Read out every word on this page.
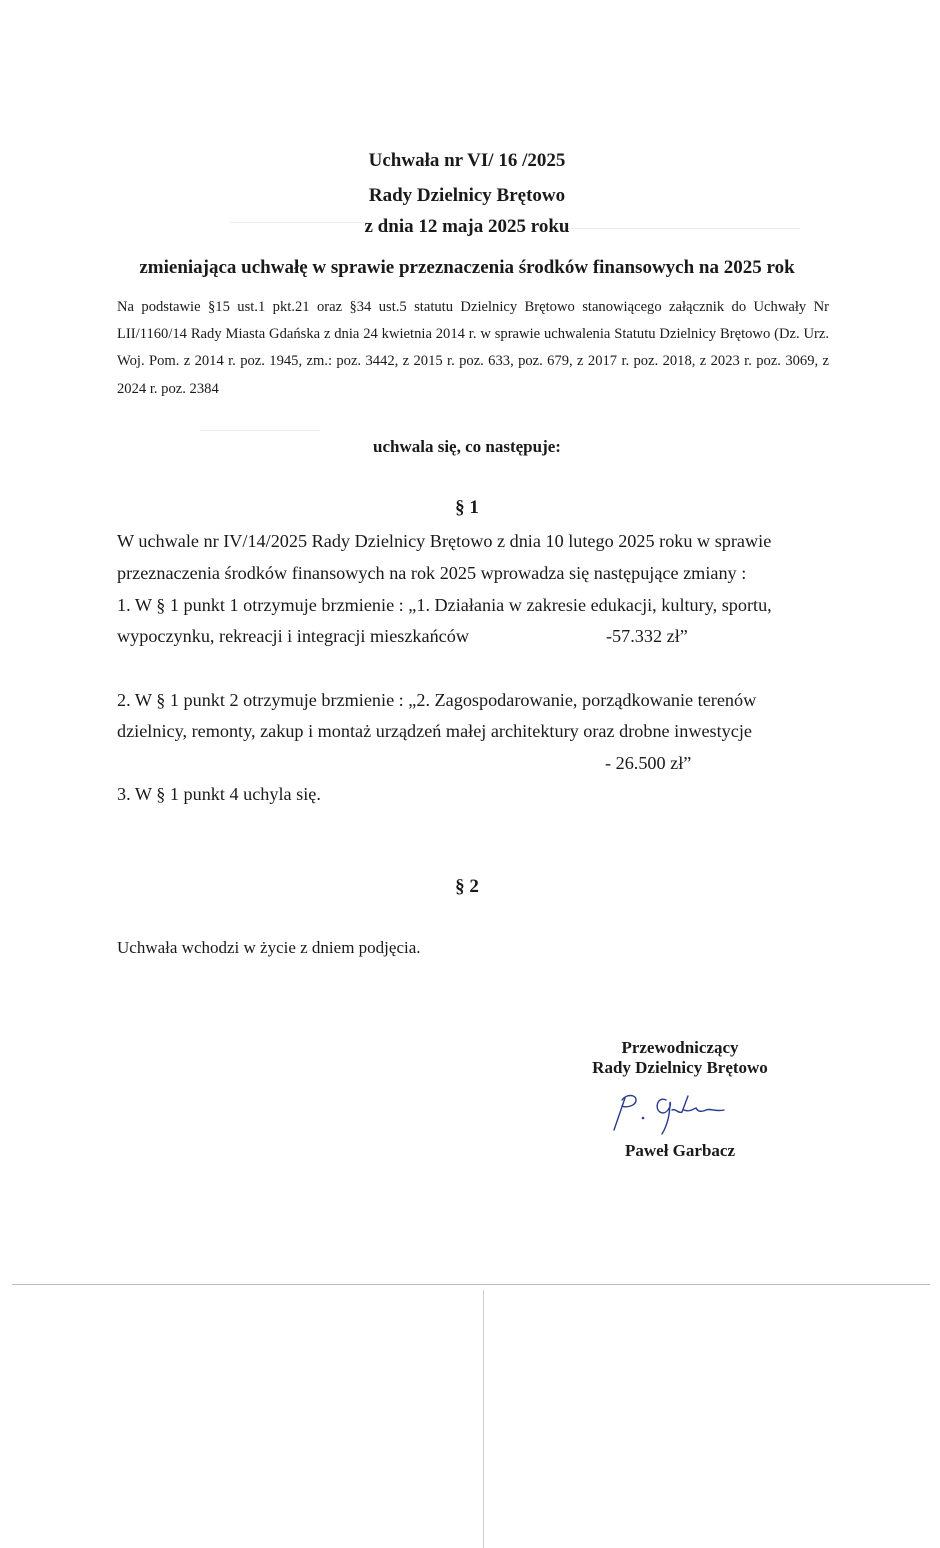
Uchwała nr VI/ 16 /2025
Rady Dzielnicy Brętowo
z dnia 12 maja 2025 roku
zmieniająca uchwałę w sprawie przeznaczenia środków finansowych na 2025 rok
Na podstawie §15 ust.1 pkt.21 oraz §34 ust.5 statutu Dzielnicy Brętowo stanowiącego załącznik do Uchwały Nr LII/1160/14 Rady Miasta Gdańska z dnia 24 kwietnia 2014 r. w sprawie uchwalenia Statutu Dzielnicy Brętowo (Dz. Urz. Woj. Pom. z 2014 r. poz. 1945, zm.: poz. 3442, z 2015 r. poz. 633, poz. 679, z 2017 r. poz. 2018, z 2023 r. poz. 3069, z 2024 r. poz. 2384
uchwala się, co następuje:
§ 1
W uchwale nr IV/14/2025 Rady Dzielnicy Brętowo z dnia 10 lutego 2025 roku w sprawie
przeznaczenia środków finansowych na rok 2025 wprowadza się następujące zmiany :
1. W § 1 punkt 1 otrzymuje brzmienie : „1. Działania w zakresie edukacji, kultury, sportu,
wypoczynku, rekreacji i integracji mieszkańców	-57.332 zł”
2. W § 1 punkt 2 otrzymuje brzmienie : „2. Zagospodarowanie, porządkowanie terenów
dzielnicy, remonty, zakup i montaż urządzeń małej architektury oraz drobne inwestycje
- 26.500 zł”
3. W § 1 punkt 4 uchyla się.
§ 2
Uchwała wchodzi w życie z dniem podjęcia.
Przewodniczący
Rady Dzielnicy Brętowo
Paweł Garbacz
